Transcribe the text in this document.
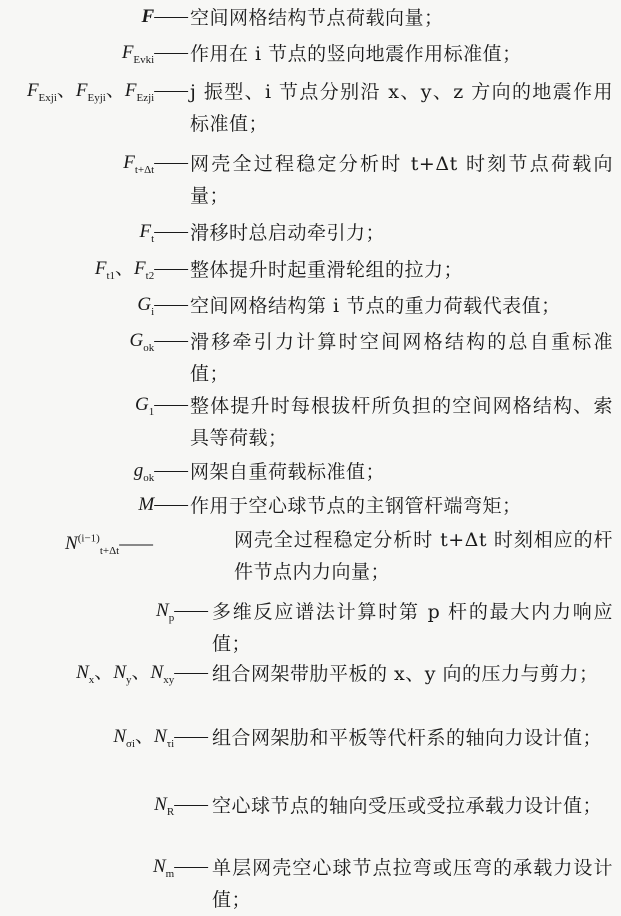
F—— 空间网格结构节点荷载向量；
$F_{Evki}——$ 作用在 i 节点的竖向地震作用标准值；
$F_{Exji}$、$F_{Eyji}$、$F_{Ezji}——$ j 振型、i 节点分别沿 x、y、z 方向的地震作用标准值；
$F_{t+\Delta t}——$ 网壳全过程稳定分析时 t+Δt 时刻节点荷载向量；
$F_t——$ 滑移时总启动牵引力；
$F_{t1}$、$F_{t2}——$ 整体提升时起重滑轮组的拉力；
$G_i——$ 空间网格结构第 i 节点的重力荷载代表值；
$G_{ok}——$ 滑移牵引力计算时空间网格结构的总自重标准值；
$G_1——$ 整体提升时每根拔杆所负担的空间网格结构、索具等荷载；
$g_{ok}——$ 网架自重荷载标准值；
M—— 作用于空心球节点的主钢管杆端弯矩；
$N^{(i-1)}_{t+\Delta t}——$	网壳全过程稳定分析时 t+Δt 时刻相应的杆件节点内力向量；
$N_p——$ 多维反应谱法计算时第 p 杆的最大内力响应值；
$N_x$、$N_y$、$N_{xy}——$ 组合网架带肋平板的 x、y 向的压力与剪力；
$N_{\sigma i}$、$N_{\tau i}——$ 组合网架肋和平板等代杆系的轴向力设计值；
$N_R——$ 空心球节点的轴向受压或受拉承载力设计值；
$N_m——$ 单层网壳空心球节点拉弯或压弯的承载力设计值；
